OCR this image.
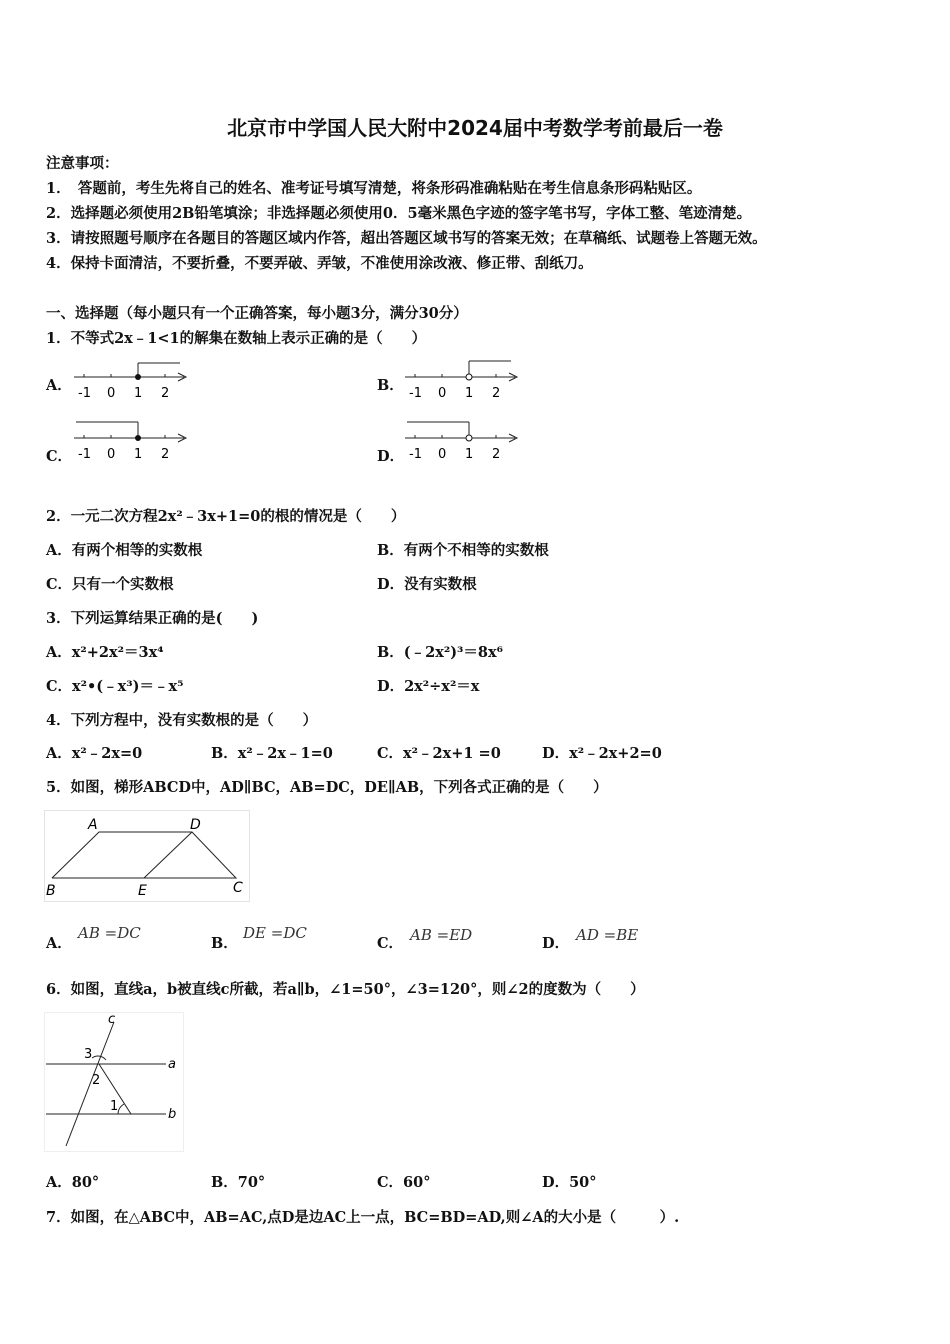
北京市中学国人民大附中2024届中考数学考前最后一卷
注意事项：
1．　答题前，考生先将自己的姓名、准考证号填写清楚，将条形码准确粘贴在考生信息条形码粘贴区。
2．选择题必须使用2B铅笔填涂；非选择题必须使用0．5毫米黑色字迹的签字笔书写，字体工整、笔迹清楚。
3．请按照题号顺序在各题目的答题区域内作答，超出答题区域书写的答案无效；在草稿纸、试题卷上答题无效。
4．保持卡面清洁，不要折叠，不要弄破、弄皱，不准使用涂改液、修正带、刮纸刀。
一、选择题（每小题只有一个正确答案，每小题3分，满分30分）
1．不等式2x﹣1<1的解集在数轴上表示正确的是（　　）
A． -1 0 1 2	B． -1 0 1 2
C． -1 0 1 2	D． -1 0 1 2
2．一元二次方程2x²﹣3x+1=0的根的情况是（　　）
A．有两个相等的实数根	B．有两个不相等的实数根
C．只有一个实数根	D．没有实数根
3．下列运算结果正确的是(　　)
A．x²+2x²＝3x⁴	B．(﹣2x²)³＝8x⁶
C．x²•(﹣x³)＝﹣x⁵	D．2x²÷x²＝x
4．下列方程中，没有实数根的是（　　）
A．x²﹣2x=0	B．x²﹣2x﹣1=0	C．x²﹣2x+1 =0	D．x²﹣2x+2=0
5．如图，梯形ABCD中，AD∥BC，AB=DC，DE∥AB，下列各式正确的是（　　）
A	D
B	E	C
A．
AB =DC
B．
DE =DC
C． AB =ED	D． AD =BE
6．如图，直线a，b被直线c所截，若a∥b，∠1=50°，∠3=120°，则∠2的度数为（　　）
c
3
a
2
1
b
A．80°	B．70°	C．60°	D．50°
7．如图，在△ABC中，AB=AC,点D是边AC上一点，BC=BD=AD,则∠A的大小是（　　　）.
